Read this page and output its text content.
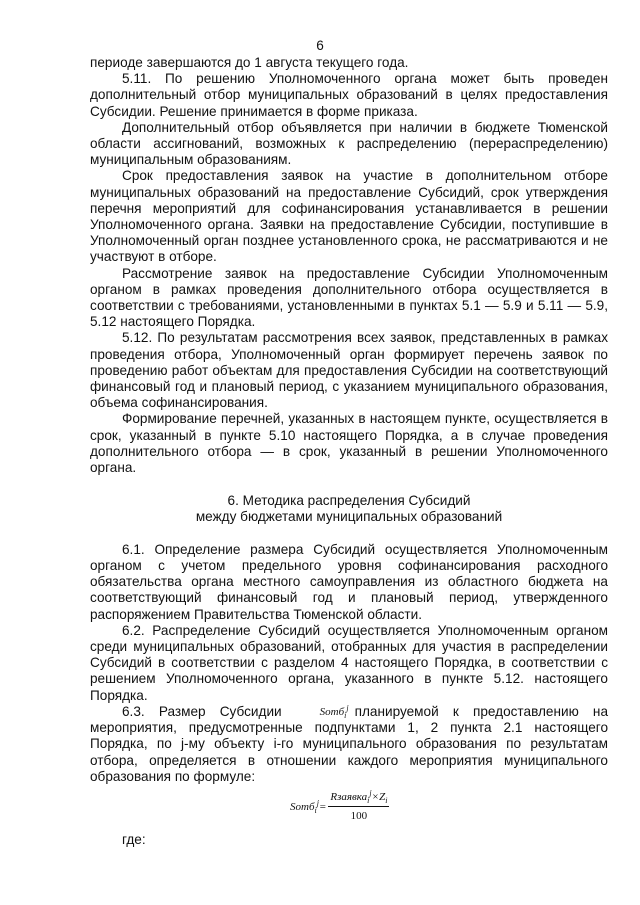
6

периоде завершаются до 1 августа текущего года.

5.11. По решению Уполномоченного органа может быть проведен дополнительный отбор муниципальных образований в целях предоставления Субсидии. Решение принимается в форме приказа.

Дополнительный отбор объявляется при наличии в бюджете Тюменской области ассигнований, возможных к распределению (перераспределению) муниципальным образованиям.

Срок предоставления заявок на участие в дополнительном отборе муниципальных образований на предоставление Субсидий, срок утверждения перечня мероприятий для софинансирования устанавливается в решении Уполномоченного органа. Заявки на предоставление Субсидии, поступившие в Уполномоченный орган позднее установленного срока, не рассматриваются и не участвуют в отборе.

Рассмотрение заявок на предоставление Субсидии Уполномоченным органом в рамках проведения дополнительного отбора осуществляется в соответствии с требованиями, установленными в пунктах 5.1 — 5.9 и 5.11 — 5.9, 5.12 настоящего Порядка.

5.12. По результатам рассмотрения всех заявок, представленных в рамках проведения отбора, Уполномоченный орган формирует перечень заявок по проведению работ объектам для предоставления Субсидии на соответствующий финансовый год и плановый период, с указанием муниципального образования, объема софинансирования.

Формирование перечней, указанных в настоящем пункте, осуществляется в срок, указанный в пункте 5.10 настоящего Порядка, а в случае проведения дополнительного отбора — в срок, указанный в решении Уполномоченного органа.

6. Методика распределения Субсидий
между бюджетами муниципальных образований

6.1. Определение размера Субсидий осуществляется Уполномоченным органом с учетом предельного уровня софинансирования расходного обязательства органа местного самоуправления из областного бюджета на соответствующий финансовый год и плановый период, утвержденного распоряжением Правительства Тюменской области.

6.2. Распределение Субсидий осуществляется Уполномоченным органом среди муниципальных образований, отобранных для участия в распределении Субсидий в соответствии с разделом 4 настоящего Порядка, в соответствии с решением Уполномоченного органа, указанного в пункте 5.12. настоящего Порядка.

6.3. Размер Субсидии	Sотб$_i^j$ планируемой к предоставлению на мероприятия, предусмотренные подпунктами 1, 2 пункта 2.1 настоящего Порядка, по j-му объекту i-го муниципального образования по результатам отбора, определяется в отношении каждого мероприятия муниципального образования по формуле:

Sотб$_i^j$ = $\frac{Rзаявка_i^j\times Z_i}{100}$
где:
